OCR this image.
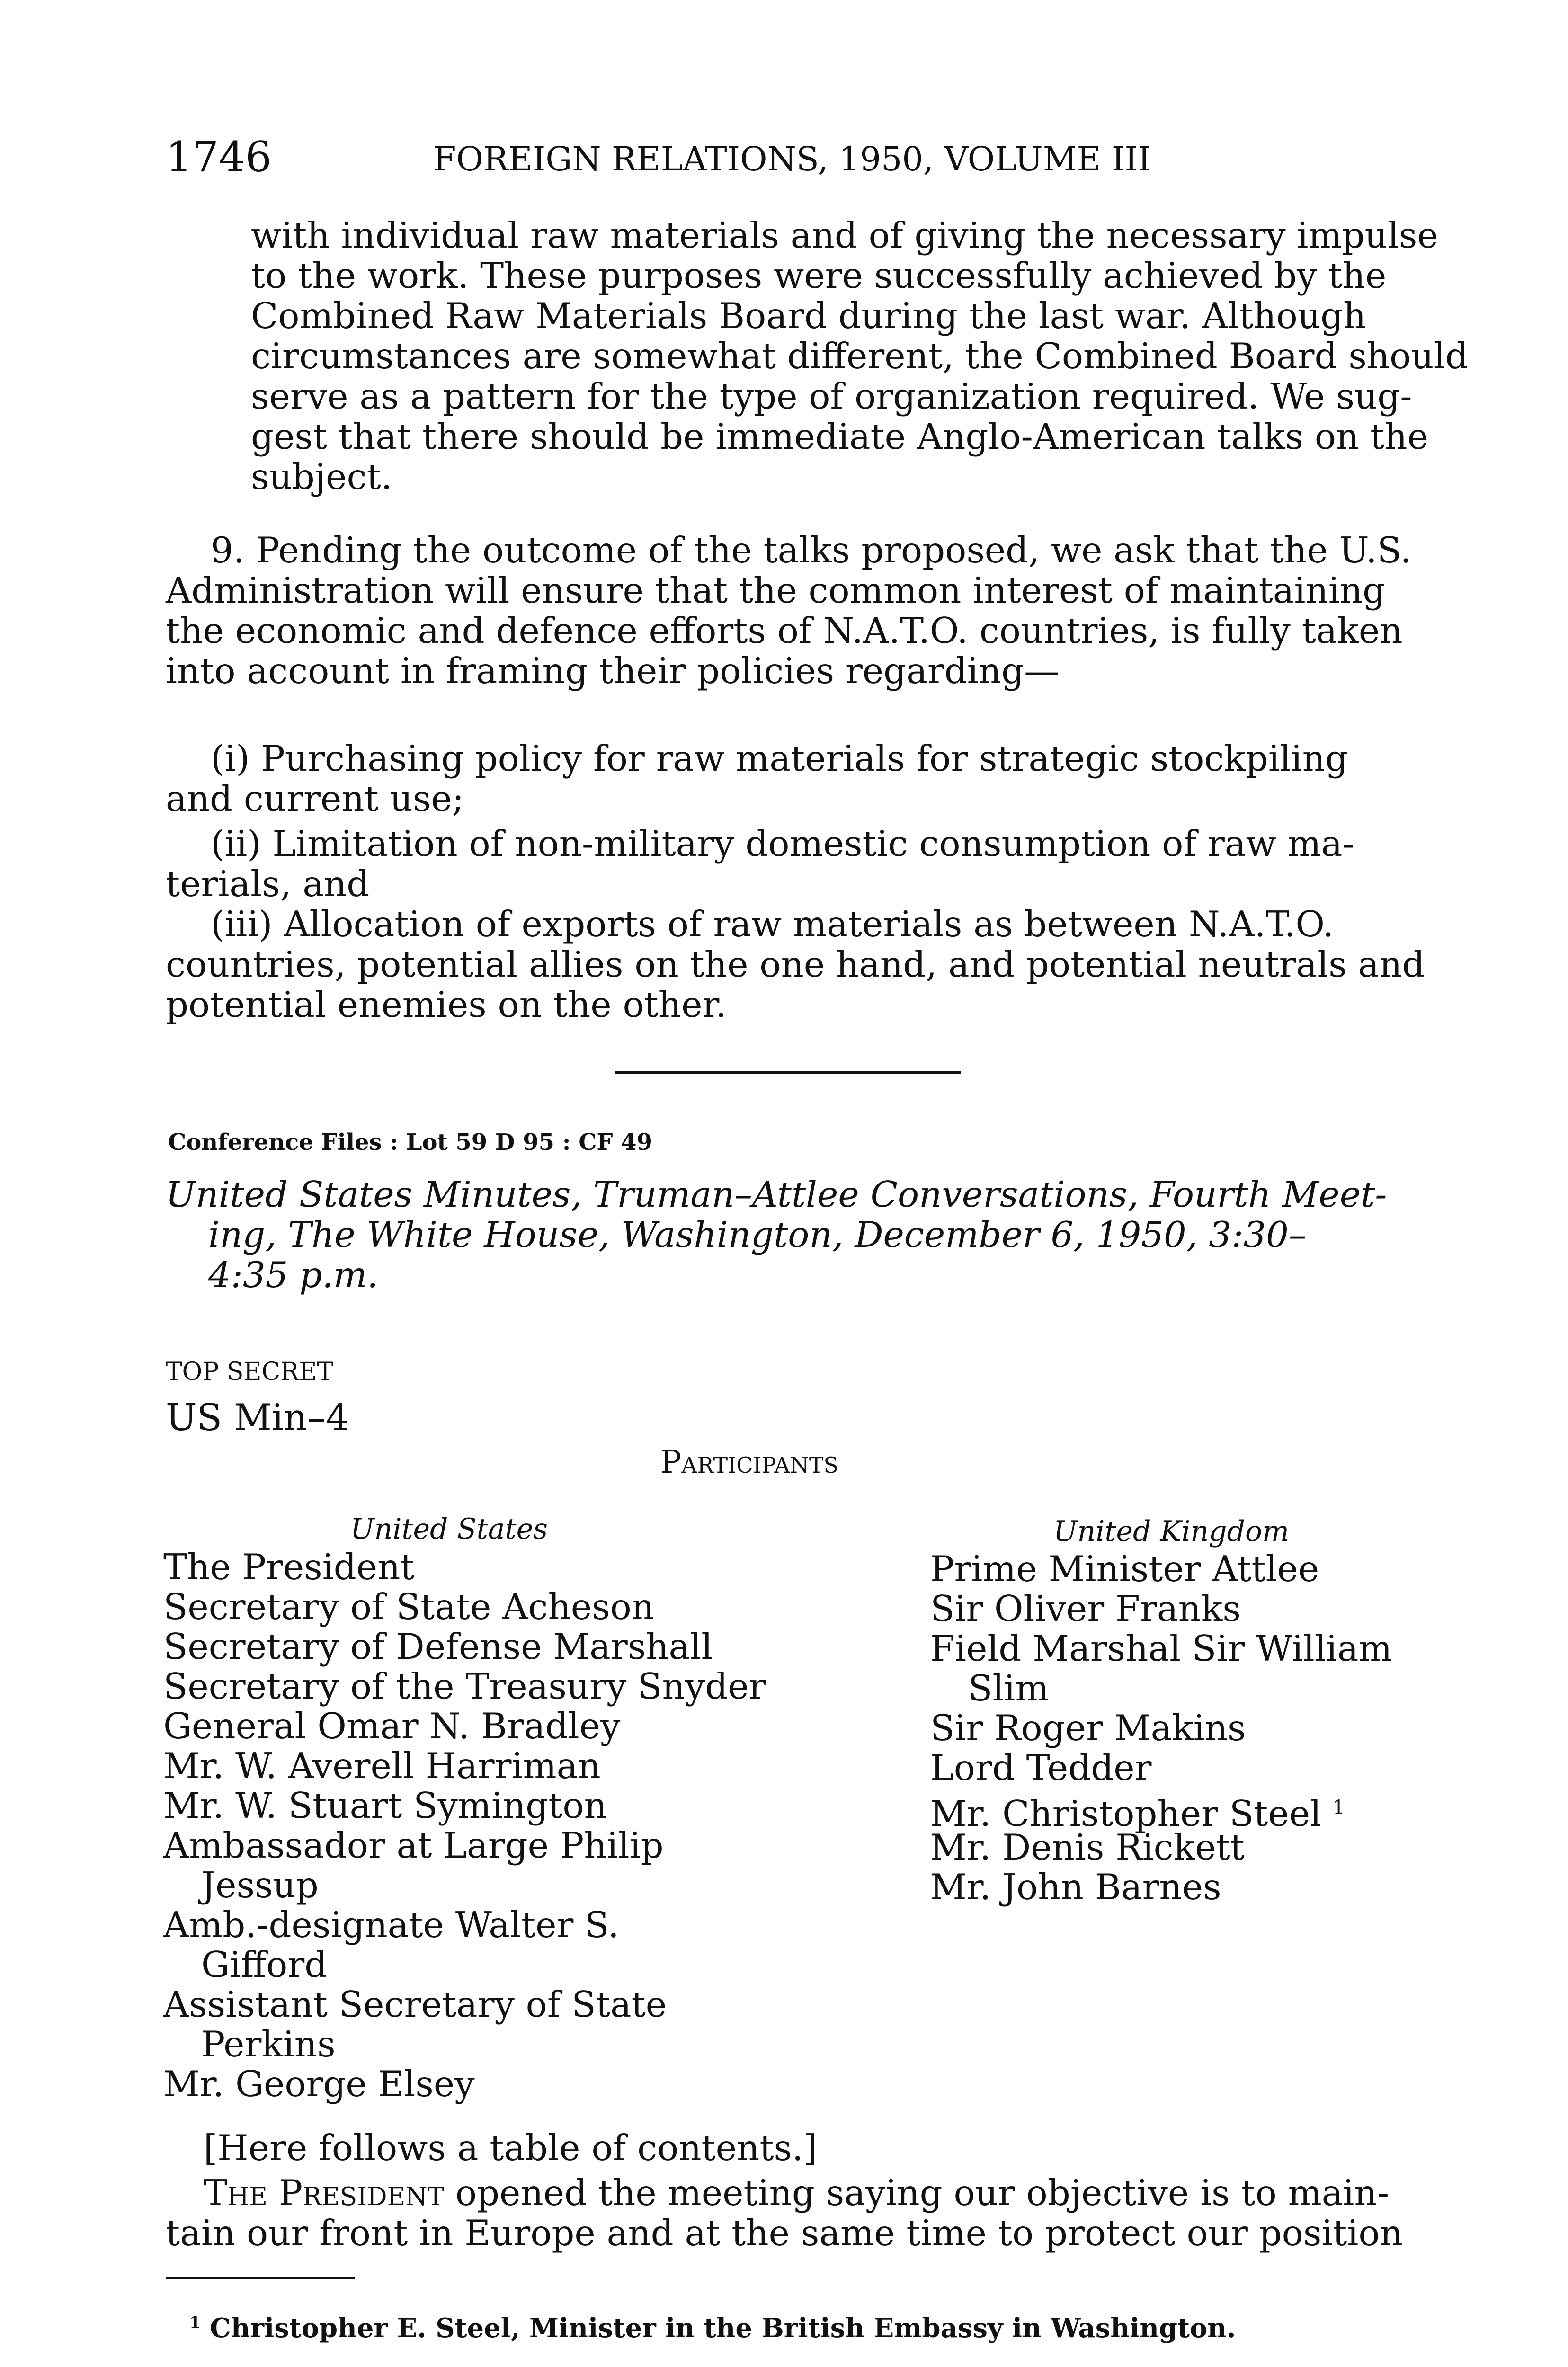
1746	FOREIGN RELATIONS, 1950, VOLUME III
with individual raw materials and of giving the necessary impulse
to the work. These purposes were successfully achieved by the
Combined Raw Materials Board during the last war. Although
circumstances are somewhat different, the Combined Board should
serve as a pattern for the type of organization required. We sug-
gest that there should be immediate Anglo-American talks on the
subject.
9. Pending the outcome of the talks proposed, we ask that the U.S.
Administration will ensure that the common interest of maintaining
the economic and defence efforts of N.A.T.O. countries, is fully taken
into account in framing their policies regarding—
(i) Purchasing policy for raw materials for strategic stockpiling
and current use;
(ii) Limitation of non-military domestic consumption of raw ma-
terials, and
(iii) Allocation of exports of raw materials as between N.A.T.O.
countries, potential allies on the one hand, and potential neutrals and
potential enemies on the other.
Conference Files : Lot 59 D 95 : CF 49
United States Minutes, Truman–Attlee Conversations, Fourth Meet-
ing, The White House, Washington, December 6, 1950, 3:30–
4:35 p.m.
TOP SECRET
US Min–4
Participants
United States	United Kingdom
The President
Secretary of State Acheson
Secretary of Defense Marshall
Secretary of the Treasury Snyder
General Omar N. Bradley
Mr. W. Averell Harriman
Mr. W. Stuart Symington
Ambassador at Large Philip
Jessup
Amb.-designate Walter S.
Gifford
Assistant Secretary of State
Perkins
Mr. George Elsey
Prime Minister Attlee
Sir Oliver Franks
Field Marshal Sir William
Slim
Sir Roger Makins
Lord Tedder
Mr. Christopher Steel $^1$
Mr. Denis Rickett
Mr. John Barnes
[Here follows a table of contents.]
The President opened the meeting saying our objective is to main-
tain our front in Europe and at the same time to protect our position
$^1$ Christopher E. Steel, Minister in the British Embassy in Washington.
